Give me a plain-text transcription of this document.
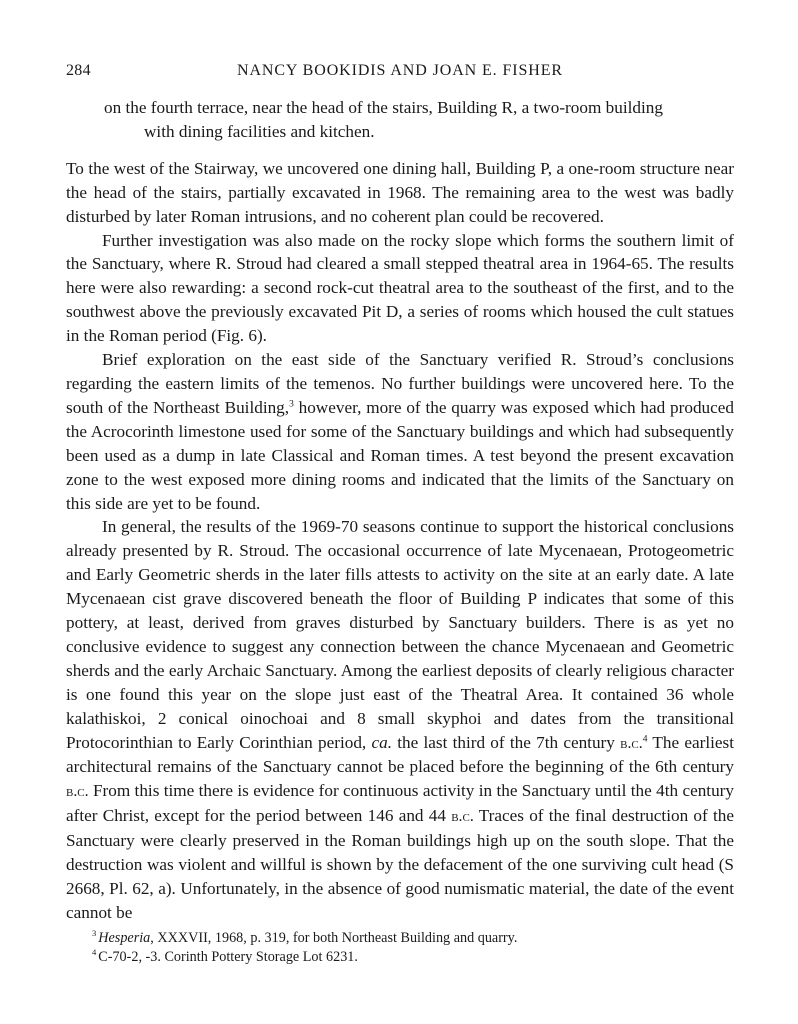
284	NANCY BOOKIDIS AND JOAN E. FISHER

on the fourth terrace, near the head of the stairs, Building R, a two-room building
with dining facilities and kitchen.

To the west of the Stairway, we uncovered one dining hall, Building P, a one-room structure near the head of the stairs, partially excavated in 1968. The remaining area to the west was badly disturbed by later Roman intrusions, and no coherent plan could be recovered.

Further investigation was also made on the rocky slope which forms the southern limit of the Sanctuary, where R. Stroud had cleared a small stepped theatral area in 1964-65. The results here were also rewarding: a second rock-cut theatral area to the southeast of the first, and to the southwest above the previously excavated Pit D, a series of rooms which housed the cult statues in the Roman period (Fig. 6).

Brief exploration on the east side of the Sanctuary verified R. Stroud’s conclusions regarding the eastern limits of the temenos. No further buildings were uncovered here. To the south of the Northeast Building,$^3$ however, more of the quarry was exposed which had produced the Acrocorinth limestone used for some of the Sanctuary buildings and which had subsequently been used as a dump in late Classical and Roman times. A test beyond the present excavation zone to the west exposed more dining rooms and indicated that the limits of the Sanctuary on this side are yet to be found.

In general, the results of the 1969-70 seasons continue to support the historical conclusions already presented by R. Stroud. The occasional occurrence of late Mycenaean, Protogeometric and Early Geometric sherds in the later fills attests to activity on the site at an early date. A late Mycenaean cist grave discovered beneath the floor of Building P indicates that some of this pottery, at least, derived from graves disturbed by Sanctuary builders. There is as yet no conclusive evidence to suggest any connection between the chance Mycenaean and Geometric sherds and the early Archaic Sanctuary. Among the earliest deposits of clearly religious character is one found this year on the slope just east of the Theatral Area. It contained 36 whole kalathiskoi, 2 conical oinochoai and 8 small skyphoi and dates from the transitional Protocorinthian to Early Corinthian period, ca. the last third of the 7th century b.c.$^4$ The earliest architectural remains of the Sanctuary cannot be placed before the beginning of the 6th century b.c. From this time there is evidence for continuous activity in the Sanctuary until the 4th century after Christ, except for the period between 146 and 44 b.c. Traces of the final destruction of the Sanctuary were clearly preserved in the Roman buildings high up on the south slope. That the destruction was violent and willful is shown by the defacement of the one surviving cult head (S 2668, Pl. 62, a). Unfortunately, in the absence of good numismatic material, the date of the event cannot be

$^3$ Hesperia, XXXVII, 1968, p. 319, for both Northeast Building and quarry.
$^4$ C-70-2, -3. Corinth Pottery Storage Lot 6231.
